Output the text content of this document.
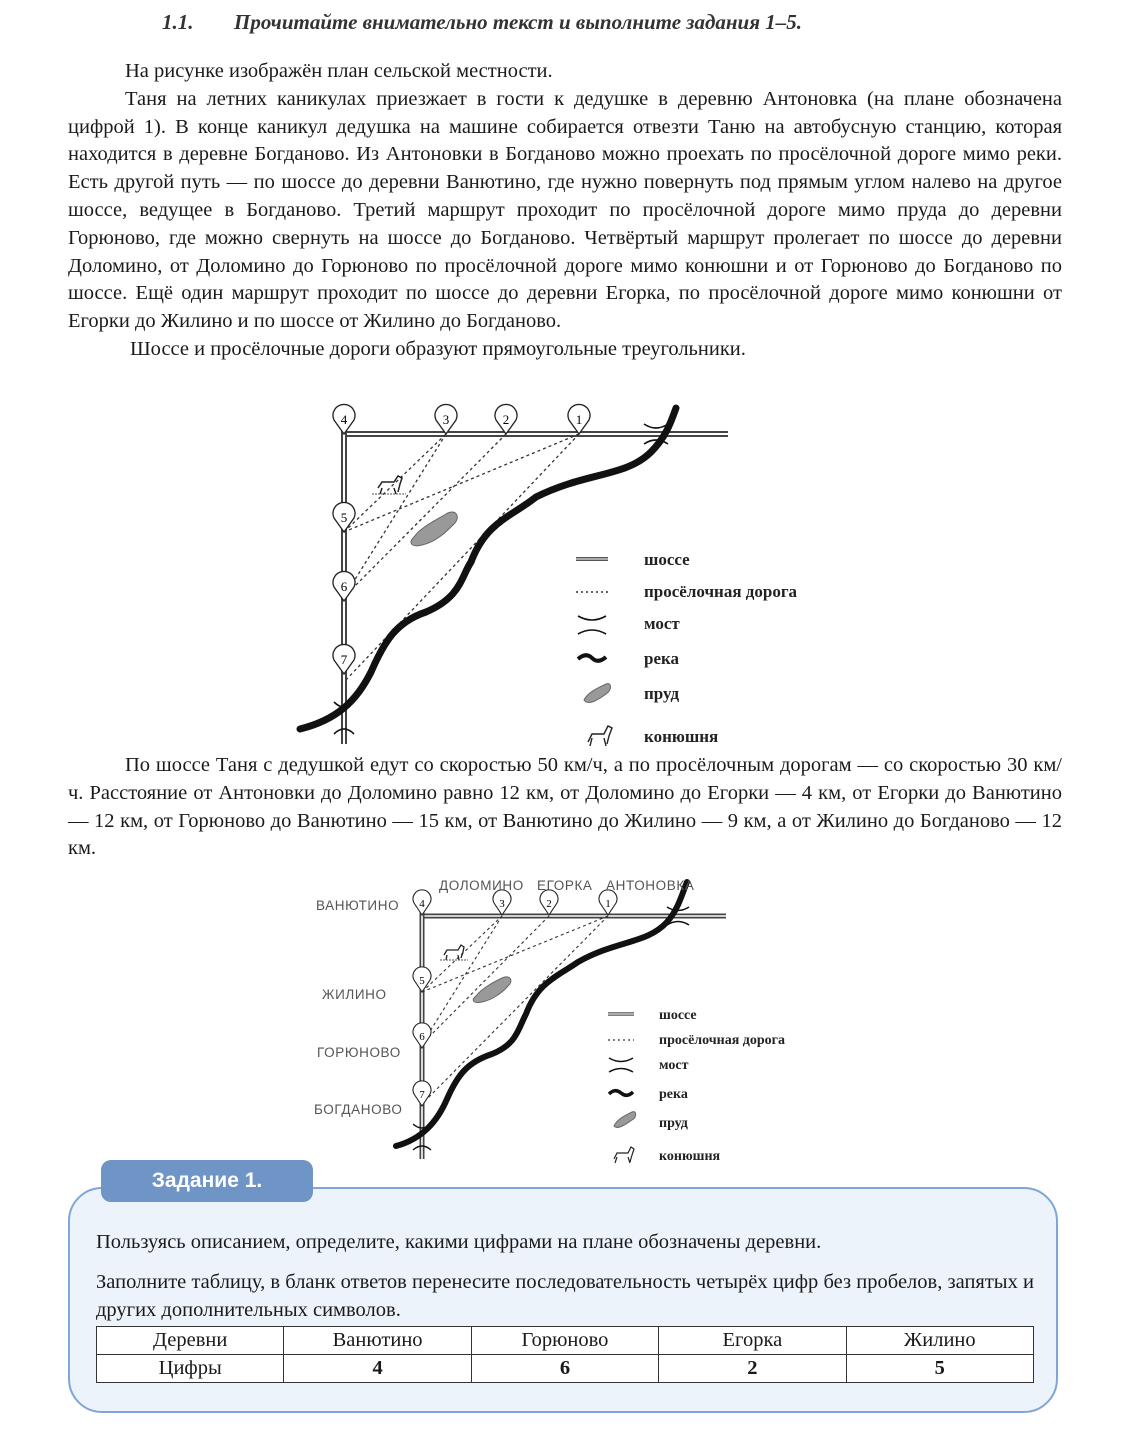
1.1. Прочитайте внимательно текст и выполните задания 1–5.
На рисунке изображён план сельской местности.
Таня на летних каникулах приезжает в гости к дедушке в деревню Антоновка (на плане обозначена цифрой 1). В конце каникул дедушка на машине собирается отвезти Таню на автобусную станцию, которая находится в деревне Богданово. Из Антоновки в Богданово можно проехать по просёлочной дороге мимо реки. Есть другой путь — по шоссе до деревни Ванютино, где нужно повернуть под прямым углом налево на другое шоссе, ведущее в Богданово. Третий маршрут проходит по просёлочной дороге мимо пруда до деревни Горюново, где можно свернуть на шоссе до Богданово. Четвёртый маршрут пролегает по шоссе до деревни Доломино, от Доломино до Горюново по просёлочной дороге мимо конюшни и от Горюново до Богданово по шоссе. Ещё один маршрут проходит по шоссе до деревни Егорка, по просёлочной дороге мимо конюшни от Егорки до Жилино и по шоссе от Жилино до Богданово.
Шоссе и просёлочные дороги образуют прямоугольные треугольники.
4	3	2	1
5
6
7
шоссе
просёлочная дорога
мост
река
пруд
конюшня
По шоссе Таня с дедушкой едут со скоростью 50 км/ч, а по просёлочным дорогам — со скоростью 30 км/ч. Расстояние от Антоновки до Доломино равно 12 км, от Доломино до Егорки — 4 км, от Егорки до Ванютино — 12 км, от Горюново до Ванютино — 15 км, от Ванютино до Жилино — 9 км, а от Жилино до Богданово — 12 км.
4	3	2	1
5
6
7
ВАНЮТИНО
ДОЛОМИНО ЕГОРКА АНТОНОВКА
ЖИЛИНО
ГОРЮНОВО
БОГДАНОВО
шоссе
просёлочная дорога
мост
река
пруд
конюшня
Задание 1.
Пользуясь описанием, определите, какими цифрами на плане обозначены деревни.
Заполните таблицу, в бланк ответов перенесите последовательность четырёх цифр без пробелов, запятых и других дополнительных символов.
Деревни	Ванютино	Горюново	Егорка	Жилино
Цифры	4	6	2	5
